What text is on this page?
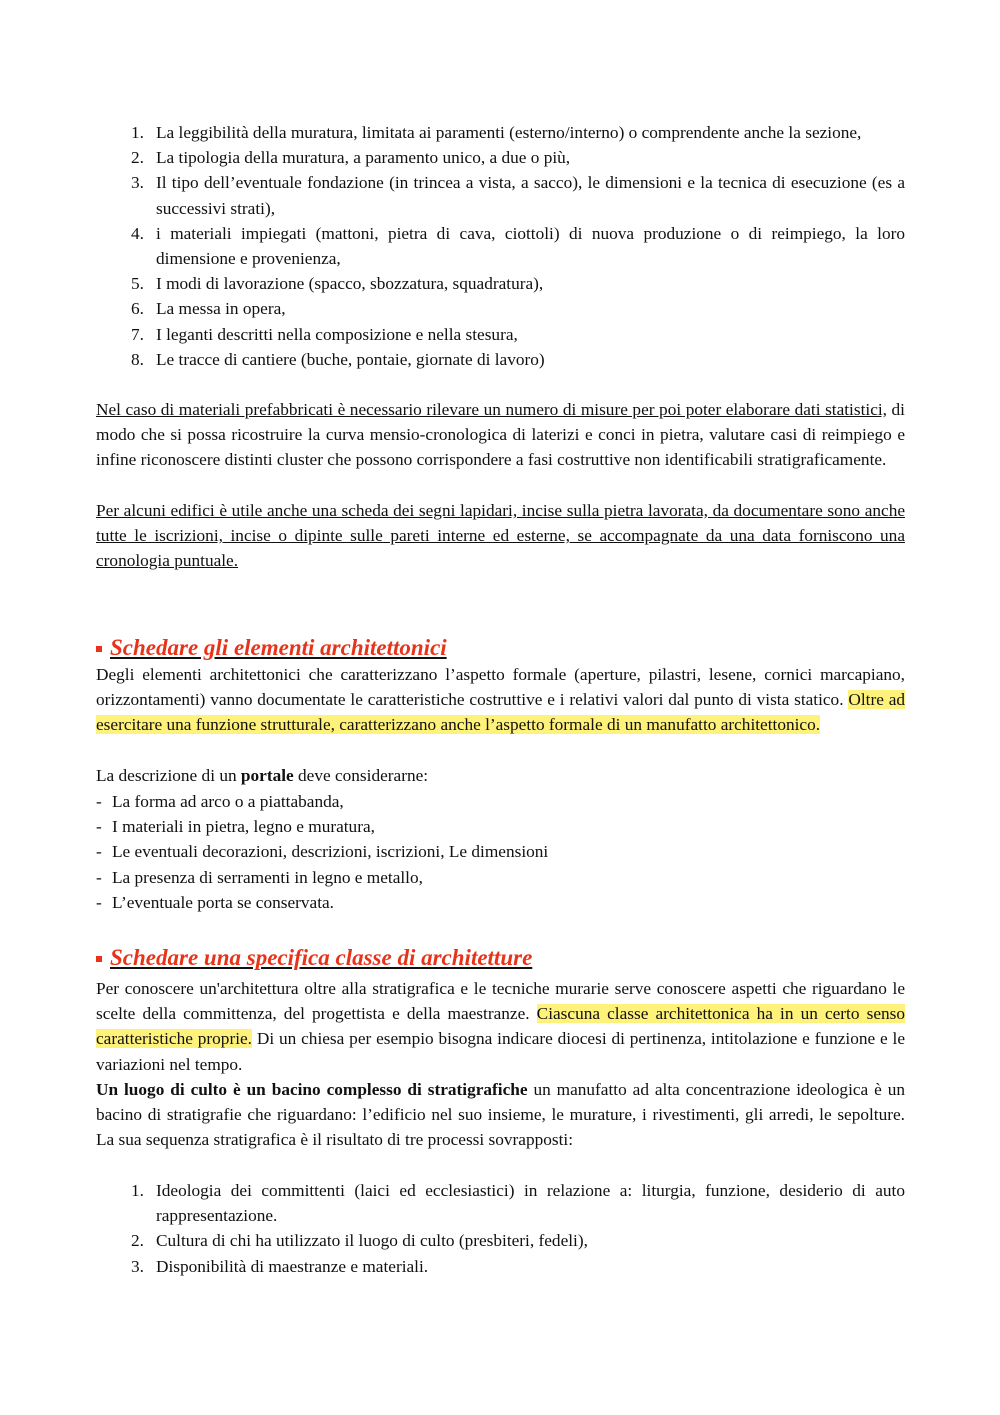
1. La leggibilità della muratura, limitata ai paramenti (esterno/interno) o comprendente anche la sezione,
2. La tipologia della muratura, a paramento unico, a due o più,
3. Il tipo dell’eventuale fondazione (in trincea a vista, a sacco), le dimensioni e la tecnica di esecuzione (es a successivi strati),
4. i materiali impiegati (mattoni, pietra di cava, ciottoli) di nuova produzione o di reimpiego, la loro dimensione e provenienza,
5. I modi di lavorazione (spacco, sbozzatura, squadratura),
6. La messa in opera,
7. I leganti descritti nella composizione e nella stesura,
8. Le tracce di cantiere (buche, pontaie, giornate di lavoro)
Nel caso di materiali prefabbricati è necessario rilevare un numero di misure per poi poter elaborare dati statistici, di modo che si possa ricostruire la curva mensio-cronologica di laterizi e conci in pietra, valutare casi di reimpiego e infine riconoscere distinti cluster che possono corrispondere a fasi costruttive non identificabili stratigraficamente.
Per alcuni edifici è utile anche una scheda dei segni lapidari, incise sulla pietra lavorata, da documentare sono anche tutte le iscrizioni, incise o dipinte sulle pareti interne ed esterne, se accompagnate da una data forniscono una cronologia puntuale.
Schedare gli elementi architettonici
Degli elementi architettonici che caratterizzano l’aspetto formale (aperture, pilastri, lesene, cornici marcapiano, orizzontamenti) vanno documentate le caratteristiche costruttive e i relativi valori dal punto di vista statico. Oltre ad esercitare una funzione strutturale, caratterizzano anche l’aspetto formale di un manufatto architettonico.
La descrizione di un portale deve considerarne:
- La forma ad arco o a piattabanda,
- I materiali in pietra, legno e muratura,
- Le eventuali decorazioni, descrizioni, iscrizioni, Le dimensioni
- La presenza di serramenti in legno e metallo,
- L’eventuale porta se conservata.
Schedare una specifica classe di architetture
Per conoscere un'architettura oltre alla stratigrafica e le tecniche murarie serve conoscere aspetti che riguardano le scelte della committenza, del progettista e della maestranze. Ciascuna classe architettonica ha in un certo senso caratteristiche proprie. Di un chiesa per esempio bisogna indicare diocesi di pertinenza, intitolazione e funzione e le variazioni nel tempo.
Un luogo di culto è un bacino complesso di stratigrafiche un manufatto ad alta concentrazione ideologica è un bacino di stratigrafie che riguardano: l’edificio nel suo insieme, le murature, i rivestimenti, gli arredi, le sepolture. La sua sequenza stratigrafica è il risultato di tre processi sovrapposti:
1. Ideologia dei committenti (laici ed ecclesiastici) in relazione a: liturgia, funzione, desiderio di auto rappresentazione.
2. Cultura di chi ha utilizzato il luogo di culto (presbiteri, fedeli),
3. Disponibilità di maestranze e materiali.
